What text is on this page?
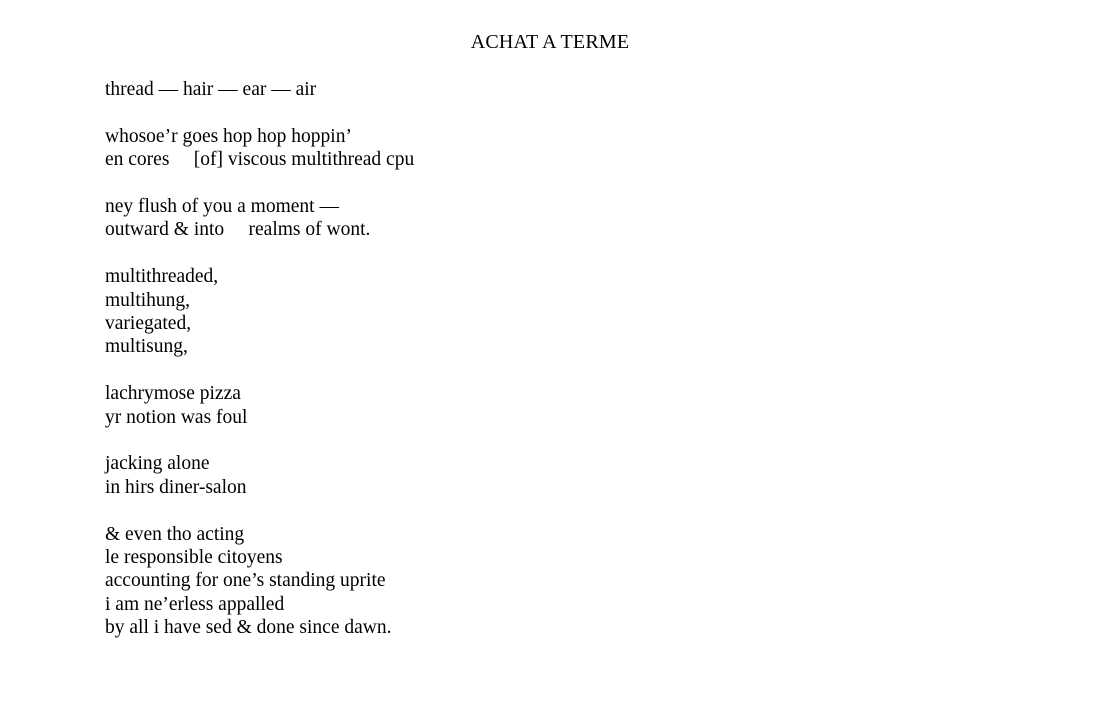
ACHAT A TERME
thread — hair — ear — air
whosoe’r goes hop hop hoppin’
en cores     [of] viscous multithread cpu
ney flush of you a moment —
outward & into     realms of wont.
multithreaded,
multihung,
variegated,
multisung,
lachrymose pizza
yr notion was foul
jacking alone
in hirs diner-salon
& even tho acting
le responsible citoyens
accounting for one’s standing uprite
i am ne’erless appalled
by all i have sed & done since dawn.
